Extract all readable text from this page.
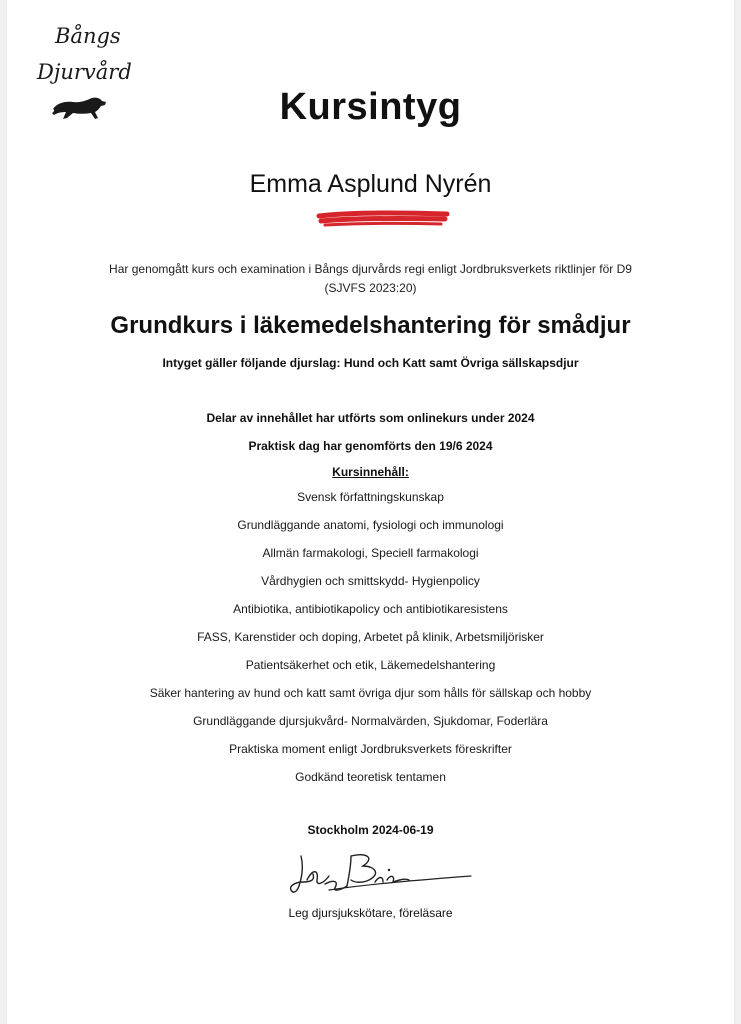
Bångs
Djurvård
Kursintyg
Emma Asplund Nyrén
Har genomgått kurs och examination i Bångs djurvårds regi enligt Jordbruksverkets riktlinjer för D9
(SJVFS 2023:20)
Grundkurs i läkemedelshantering för smådjur
Intyget gäller följande djurslag: Hund och Katt samt Övriga sällskapsdjur
Delar av innehållet har utförts som onlinekurs under 2024
Praktisk dag har genomförts den 19/6 2024
Kursinnehåll:
Svensk författningskunskap
Grundläggande anatomi, fysiologi och immunologi
Allmän farmakologi, Speciell farmakologi
Vårdhygien och smittskydd- Hygienpolicy
Antibiotika, antibiotikapolicy och antibiotikaresistens
FASS, Karenstider och doping, Arbetet på klinik, Arbetsmiljörisker
Patientsäkerhet och etik, Läkemedelshantering
Säker hantering av hund och katt samt övriga djur som hålls för sällskap och hobby
Grundläggande djursjukvård- Normalvärden, Sjukdomar, Foderlära
Praktiska moment enligt Jordbruksverkets föreskrifter
Godkänd teoretisk tentamen
Stockholm 2024-06-19
Leg djursjukskötare, föreläsare
